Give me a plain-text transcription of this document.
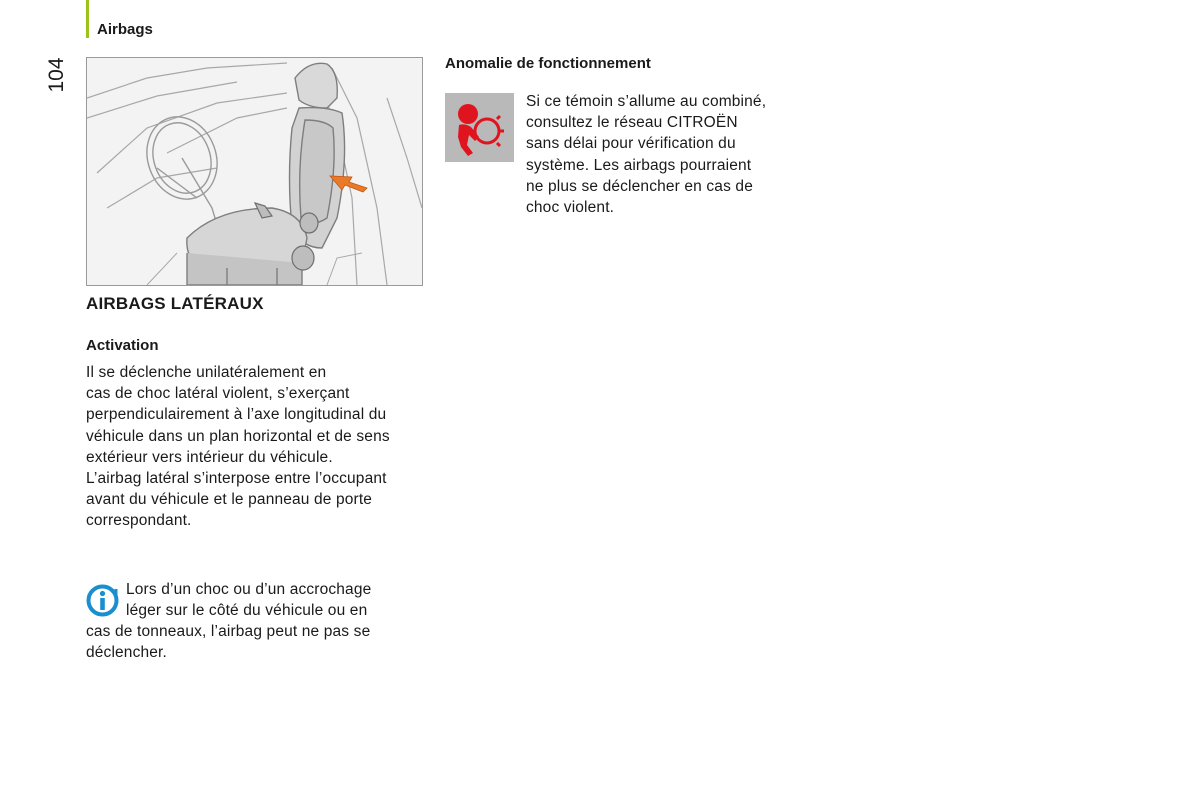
Airbags
104
AIRBAGS LATÉRAUX
Activation
Il se déclenche unilatéralement en
cas de choc latéral violent, s’exerçant
perpendiculairement à l’axe longitudinal du
véhicule dans un plan horizontal et de sens
extérieur vers intérieur du véhicule.
L’airbag latéral s’interpose entre l’occupant
avant du véhicule et le panneau de porte
correspondant.
Lors d’un choc ou d’un accrochage
léger sur le côté du véhicule ou en
cas de tonneaux, l’airbag peut ne pas se
déclencher.
Anomalie de fonctionnement
Si ce témoin s’allume au combiné,
consultez le réseau CITROËN
sans délai pour vérification du
système. Les airbags pourraient
ne plus se déclencher en cas de
choc violent.
